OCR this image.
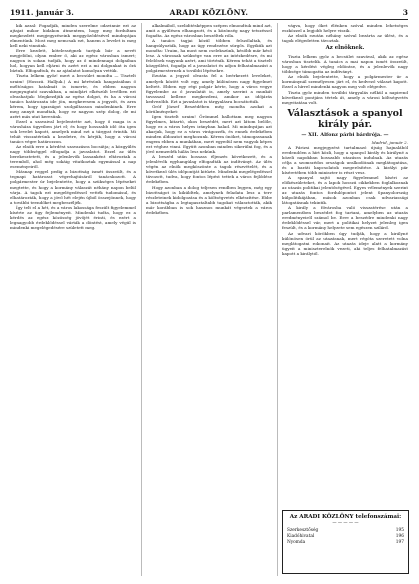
1911. január 3.	ARADI KÖZLÖNY.	3

kik azzal: Fogadják, minden szerelme odavinnie ezt az ajtajat mikor hidakon átmentem, hogy meg fordultam megkezdett megjegyzéseink meggyőződésével mindnyájan elmentünk. Most meg nemcsak ezt, hanem a levelet is meg kell neki vinnünk.

Erre kezdett, kötelességnek tartjuk bár a nevét megjelölni, olyan ember ő, aki az egész városban ismert; nagyon is sokan tudják, hogy az ő mindennapi dolgaiban hol, hogyan kell eljárni és azért ezt a mi dolgunkat is őrá bíztuk. Elfogadtuk, és az ajánlatot komolyan vettük.

Tiszta lelkem győz! mert a becsület mondta — Tisztelt uraim! (Hosszú. Halljuk.) A mi kérésünk hangzásában ő méltóságos hatalmát is ismerte, és ebben nagyon megnyugtató szavakban, a mindjárt elkészült levélben ezt olvashatjuk: Megkezdjük az egész dolgot, és ha a városi tanács határozata ide jön, megkeresem a jegyzőt, és arra kérem, hogy igazságot szolgáltasson mindenkinek. Erre meg annyit mondtak, hogy ez nagyon szép dolog, de mi azért más utat keresünk.

Ezzel a szavaival bejelentette azt, hogy ő maga is a városháza ügyeiben járt el; és hogy hosszabb idő óta igen sok levelet kapott, amelyek mind ezt a tárgyat érintik. Mi tehát visszatérünk a kezdetre, és kérjük, hogy a városi tanács végre határozzon.

Az elnök erre a kérdést szavazásra bocsátja; a közgyűlés nagy többséggel elfogadja a javaslatot. Ezzel az ülés berekesztetett, és a jelenlevők lassanként eltávoztak a teremből, ahol még sokáig vitatkoztak egymással a nap eseményeiről.

Másnap reggel pedig a bizottság ismét összeült, és a tegnapi határozat végrehajtásáról tanácskozott. A polgármester úr bejelentette, hogy a szükséges lépéseket megtette, és hogy a kormány válaszát néhány napon belül várja. A tagok ezt megelégedéssel vették tudomásul, és elhatározták, hogy a jövő hét elején újból összejönnek, hogy a további teendőket megbeszéljék.

Így telt el a hét, és a város lakossága feszült figyelemmel kísérte az ügy fejleményeit. Mindenki tudta, hogy ez a kérdés az egész közösség jövőjét érinti, és ezért a legnagyobb érdeklődéssel várták a döntést, amely végül is mindenki megelégedésére született meg.

alkalmából, szeliditésképpen szépen elmondtuk mind azt, amit a gyűlésen elhangzott, és a közönség nagy tetszéssel fogadta. Az egész városban beszéltek róla.

A tanács tagjai közül többen felszólaltak, és hangsúlyozták, hogy az ügy rendezése sürgős. Egyikük azt mondta: Uraim, ha most nem cselekszünk, később már késő lesz. A városnak szüksége van erre az intézkedésre, és mi felelősek vagyunk azért, ami történik. Kérem tehát a tisztelt közgyűlést, fogadja el a javaslatot és adjon felhatalmazást a polgármesternek a további lépésekre.

Ezután a jegyző olvasta fel a beérkezett leveleket, amelyek között volt egy, amely különösen nagy figyelmet keltett. Ebben egy régi polgár kérte, hogy a város vegye figyelembe az ő javaslatát is, amely szerint a munkát tavasszal kellene megkezdeni, amikor az időjárás kedvezőbb. Ezt a javaslatot is tárgyalásra bocsátották.

Gróf József Beszédében még mondta azokat a körülményeket:

Igen tisztelt uraim! Örömmel ballottam meg nagyon figyelmes, kitartó, okos beszédét, mert azt látom belőle, hogy ez a város helyes irányban halad. Mi mindnyájan azt akarjuk, hogy ez a város virágozzék, és ennek érdekében minden áldozatot meghozunk. Kérem önöket, támogassanak engem ebben a munkában, mert egyedül nem vagyok képes ezt véghez vinni. Együtt azonban minden sikerülni fog, és a jövő nemzedék hálás lesz nekünk.

A beszéd után hosszas éljenzés következett, és a jelenlévők egyhangúlag elfogadták az indítványt. Az ülés végén az elnök megköszönte a tagok részvételét, és a következő ülés időpontját kitűzte. Mindenki megelégedéssel távozott, tudva, hogy fontos lépést tettek a város fejlődése érdekében.

Hogy azonban a dolog teljesen rendben legyen, még egy bizottságot is kiküldtek, amelynek feladata lesz a terv részleteinek kidolgozása és a költségvetés elkészítése. Ebbe a bizottságba a legtapasztaltabb tagokat választották, akik már korábban is sok hasznos munkát végeztek a város érdekében.

vágva, hogy őket élénken szóval minden lehetséges eszközzel a legjobb helyre viszik.

Az elnök ezután néhány szóval bezárta az ülést, és a tagok elégedetten távoztak.

Az elnöknek.

Tiszta lelkem győz a becsület szavával, akik az egész városban tisztelik. A tanács a mai napon ismét összeült, hogy a kérdést végleg eldöntse, és a jelenlevők nagy többsége támogatta az indítványt.

Az elnök bejelentette, hogy a polgármester úr a kormánynál személyesen járt el, és kedvező választ kapott. Ezzel a hírrel mindenki nagyon meg volt elégedve.

Tiszta győz minden további tárgyalás nélkül a napirend következő pontjára tértek át, amely a városi költségvetés megvitatása volt.

Választások a spanyol király pár.
— XII. Alfonz párbi bárdrója. —
Madrid, január 2.

A Párizsi megjegyzést tartalmazó újság hajnalából eredendően a hírt közli, hogy a spanyol király és királyné a közeli napokban hosszabb utazásra indulnak. Az utazás célja a szomszédos országok uralkodóinak meglátogatása, és a baráti kapcsolatok megerősítése. A királyi pár kíséretében több miniszter is részt vesz.

A spanyol sajtó nagy figyelemmel kíséri az előkészületeket, és a lapok hosszú cikkekben foglalkoznak az utazás politikai jelentőségével. Egyes vélemények szerint az utazás fontos fordulópontot jelent Spanyolország külpolitikájában, mások azonban csak udvariassági látogatásnak tekintik.

A király a fővárosba való visszatérése után a parlamentben beszédet fog tartani, amelyben az utazás eredményeiről számol be. Erre a beszédre mindenki nagy érdeklődéssel vár, mert a politikai helyzet jelenleg igen feszült, és a kormány helyzete sem egészen szilárd.

Az udvari körökben úgy tudják, hogy a királyné különösen örül az utazásnak, mert régóta szeretett volna meglátogatni rokonait. Az utazás ideje alatt a kormány ügyeit a miniszterelnök vezeti, aki teljes felhatalmazást kapott a királytól.

Az ARADI KÖZLÖNY telefonszámai:
— — — — —
Szerkesztőség	195
Kiadóhivatal	196
Nyomda	197
